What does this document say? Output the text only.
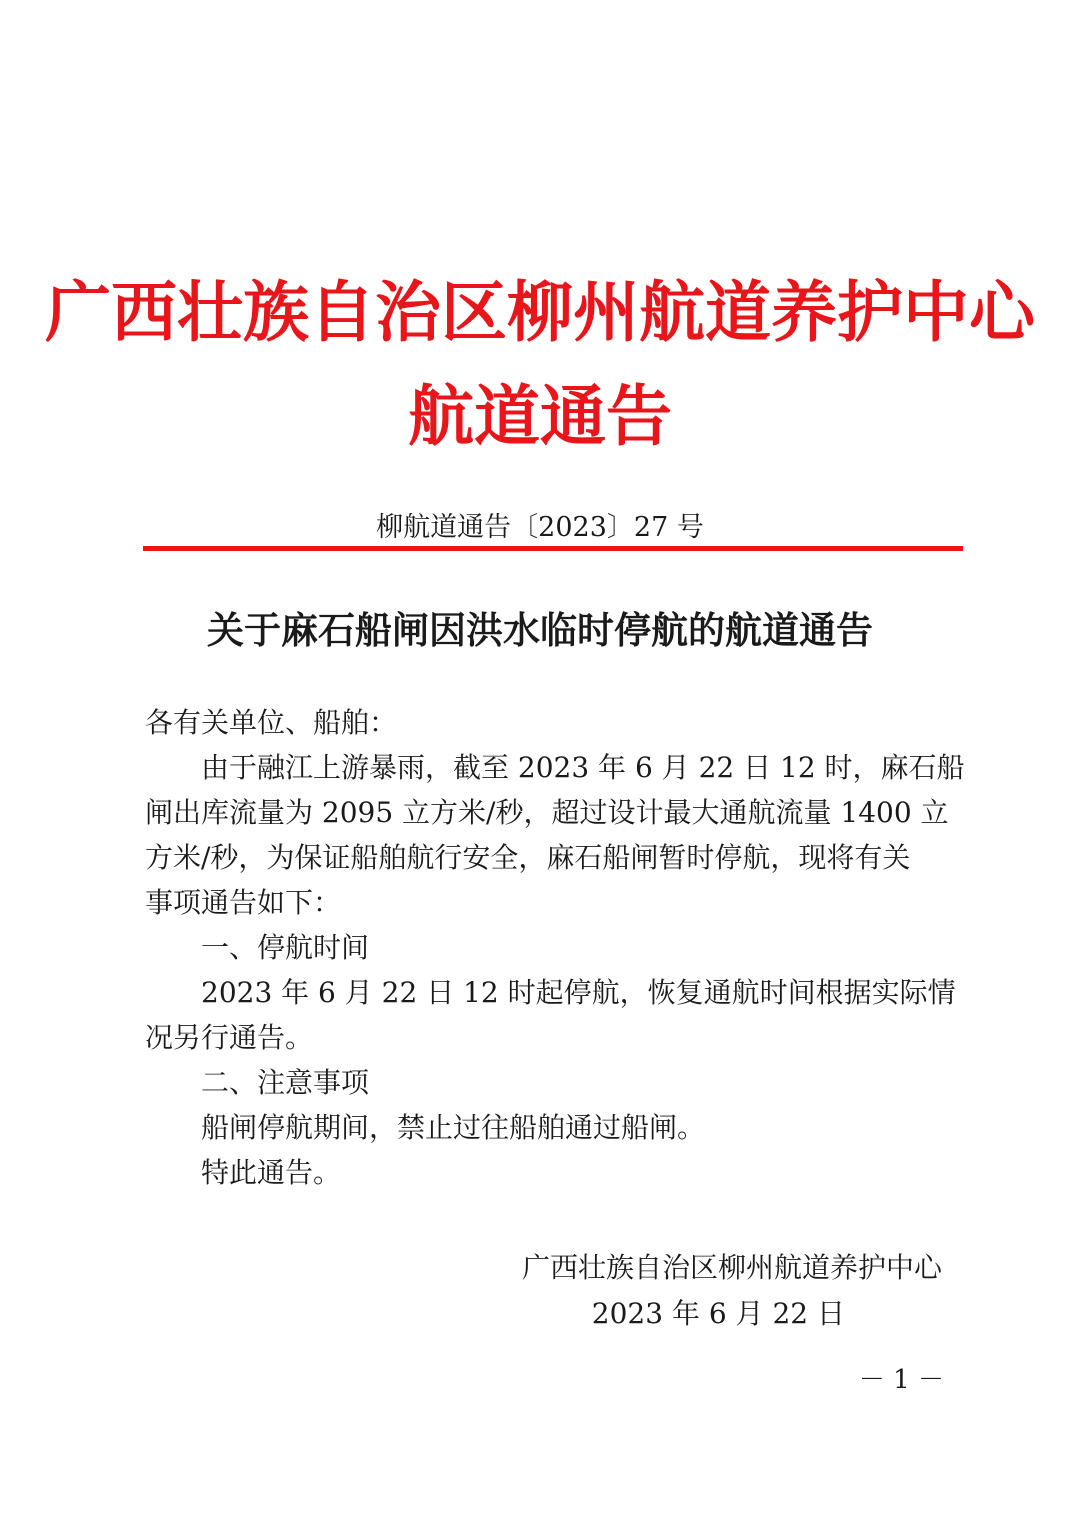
广西壮族自治区柳州航道养护中心
航道通告
柳航道通告〔2023〕27 号
关于麻石船闸因洪水临时停航的航道通告
各有关单位、船舶：
　　由于融江上游暴雨，截至 2023 年 6 月 22 日 12 时，麻石船
闸出库流量为 2095 立方米/秒，超过设计最大通航流量 1400 立
方米/秒，为保证船舶航行安全，麻石船闸暂时停航，现将有关
事项通告如下：
　　一、停航时间
　　2023 年 6 月 22 日 12 时起停航，恢复通航时间根据实际情
况另行通告。
　　二、注意事项
　　船闸停航期间，禁止过往船舶通过船闸。
　　特此通告。
广西壮族自治区柳州航道养护中心
2023 年 6 月 22 日
－ 1 －
